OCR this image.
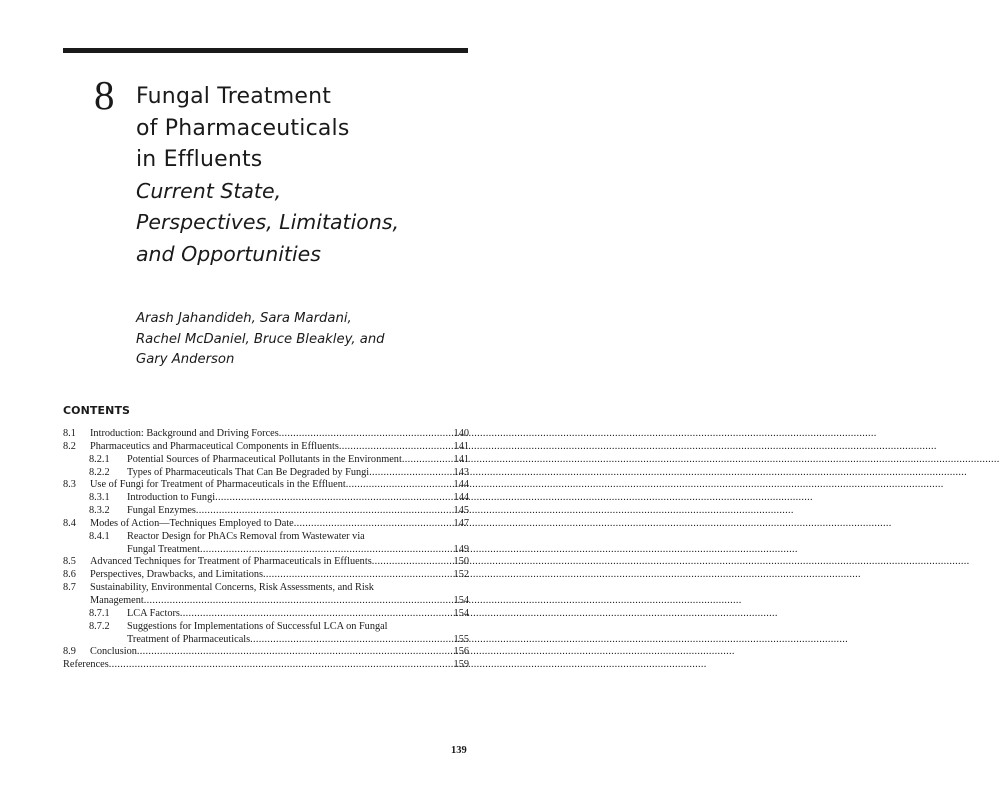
8 Fungal Treatment
of Pharmaceuticals
in Effluents
Current State,
Perspectives, Limitations,
and Opportunities
Arash Jahandideh, Sara Mardani,
Rachel McDaniel, Bruce Bleakley, and
Gary Anderson
CONTENTS
8.1	Introduction: Background and Driving Forces .....	140
8.2	Pharmaceutics and Pharmaceutical Components in Effluents .....	141
8.2.1	Potential Sources of Pharmaceutical Pollutants in the Environment .....	141
8.2.2	Types of Pharmaceuticals That Can Be Degraded by Fungi .....	143
8.3	Use of Fungi for Treatment of Pharmaceuticals in the Effluent .....	144
8.3.1	Introduction to Fungi .....	144
8.3.2	Fungal Enzymes .....	145
8.4	Modes of Action—Techniques Employed to Date .....	147
8.4.1	Reactor Design for PhACs Removal from Wastewater via
Fungal Treatment .....	149
8.5	Advanced Techniques for Treatment of Pharmaceuticals in Effluents .....	150
8.6	Perspectives, Drawbacks, and Limitations .....	152
8.7	Sustainability, Environmental Concerns, Risk Assessments, and Risk
Management .....	154
8.7.1	LCA Factors .....	154
8.7.2	Suggestions for Implementations of Successful LCA on Fungal
Treatment of Pharmaceuticals .....	155
8.9	Conclusion .....	156
References .....	159
139
